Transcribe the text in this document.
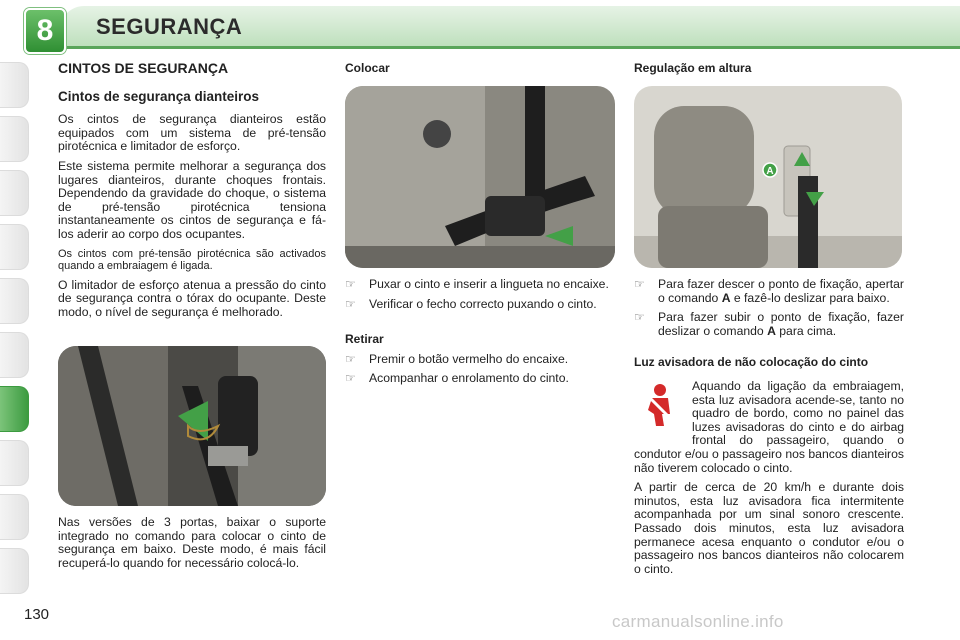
8	SEGURANÇA
CINTOS DE SEGURANÇA
Cintos de segurança dianteiros

Os cintos de segurança dianteiros estão equipados com um sistema de pré-tensão pirotécnica e limitador de esforço.

Este sistema permite melhorar a segurança dos lugares dianteiros, durante choques frontais. Dependendo da gravidade do choque, o sistema de pré-tensão pirotécnica tensiona instantaneamente os cintos de segurança e fá-los aderir ao corpo dos ocupantes.

Os cintos com pré-tensão pirotécnica são activados quando a embraiagem é ligada.

O limitador de esforço atenua a pressão do cinto de segurança contra o tórax do ocupante. Deste modo, o nível de segurança é melhorado.

Nas versões de 3 portas, baixar o suporte integrado no comando para colocar o cinto de segurança em baixo. Deste modo, é mais fácil recuperá-lo quando for necessário colocá-lo.

Colocar
☞	Puxar o cinto e inserir a lingueta no encaixe.
☞	Verificar o fecho correcto puxando o cinto.
Retirar
☞	Premir o botão vermelho do encaixe.
☞	Acompanhar o enrolamento do cinto.
Regulação em altura
A
☞	Para fazer descer o ponto de fixação, apertar o comando A e fazê-lo deslizar para baixo.
☞	Para fazer subir o ponto de fixação, fazer deslizar o comando A para cima.
Luz avisadora de não colocação do cinto

Aquando da ligação da embraiagem, esta luz avisadora acende-se, tanto no quadro de bordo, como no painel das luzes avisadoras do cinto e do airbag frontal do passageiro, quando o condutor e/ou o passageiro nos bancos dianteiros não tiverem colocado o cinto.

A partir de cerca de 20 km/h e durante dois minutos, esta luz avisadora fica intermitente acompanhada por um sinal sonoro crescente. Passado dois minutos, esta luz avisadora permanece acesa enquanto o condutor e/ou o passageiro nos bancos dianteiros não colocarem o cinto.

130	carmanualsonline.info
